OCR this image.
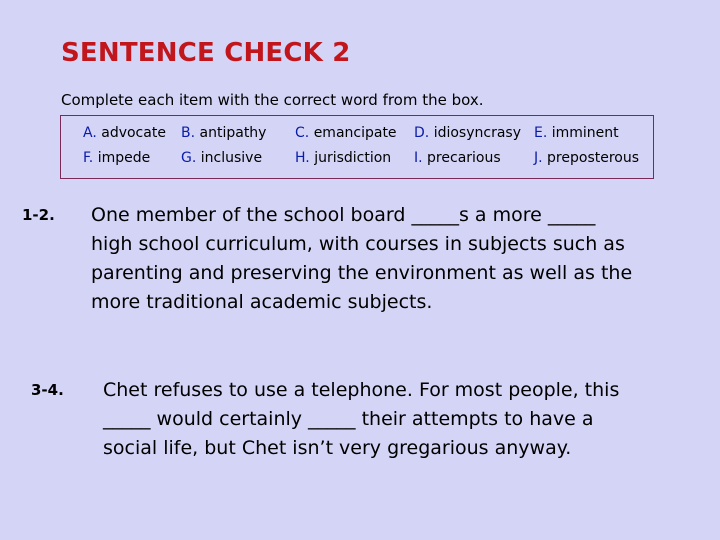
SENTENCE CHECK 2
Complete each item with the correct word from the box.
A. advocate B. antipathy C. emancipate D. idiosyncrasy E. imminent
F. impede G. inclusive H. jurisdiction I. precarious J. preposterous
1-2. One member of the school board _____s a more _____
high school curriculum, with courses in subjects such as
parenting and preserving the environment as well as the
more traditional academic subjects.
3-4. Chet refuses to use a telephone. For most people, this
_____ would certainly _____ their attempts to have a
social life, but Chet isn’t very gregarious anyway.
